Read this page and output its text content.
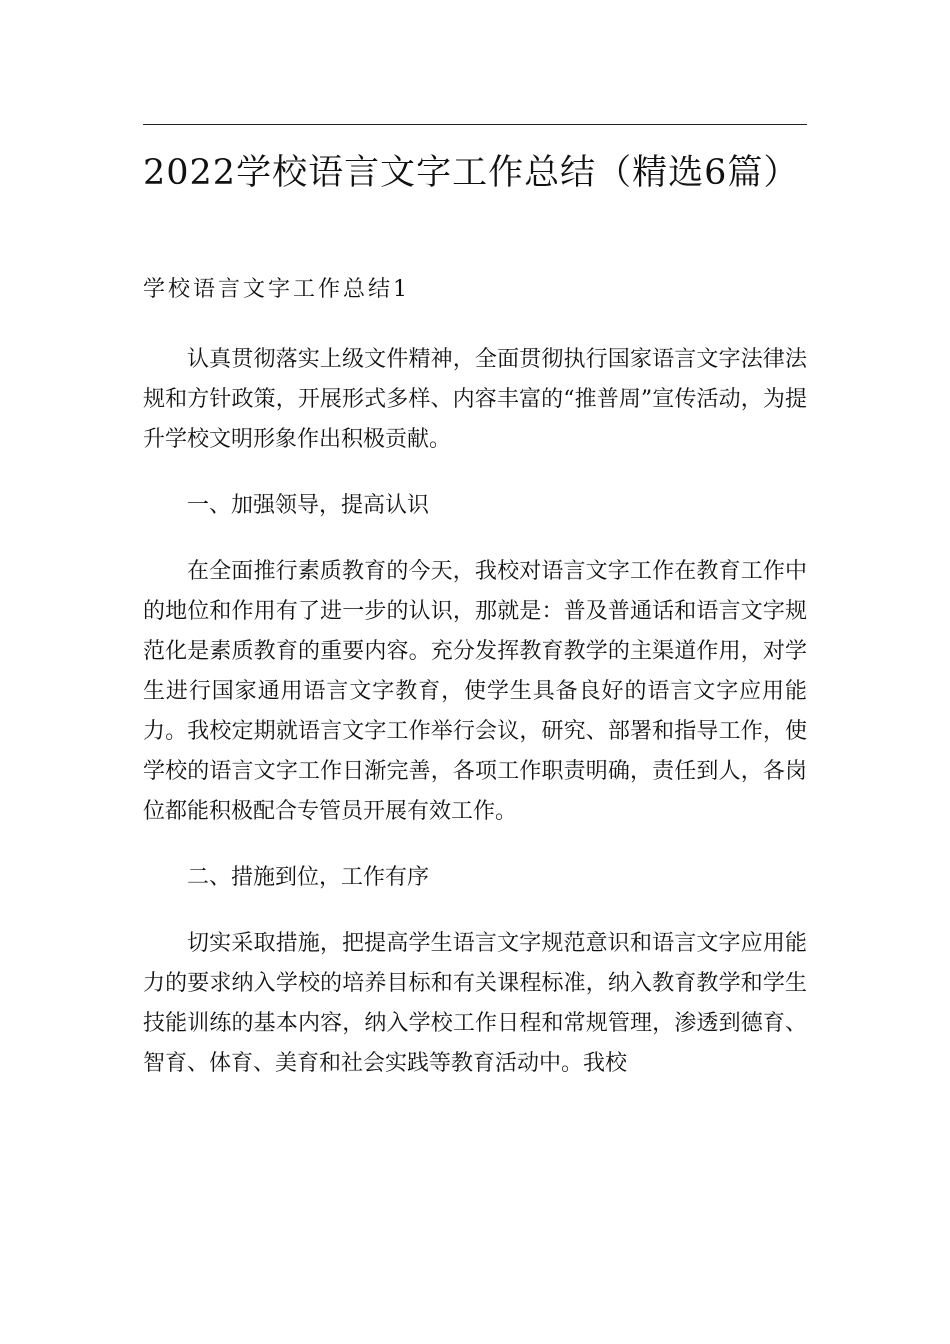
2022学校语言文字工作总结（精选6篇）
学校语言文字工作总结1

认真贯彻落实上级文件精神，全面贯彻执行国家语言文字法律法规和方针政策，开展形式多样、内容丰富的“推普周”宣传活动，为提升学校文明形象作出积极贡献。

一、加强领导，提高认识

在全面推行素质教育的今天，我校对语言文字工作在教育工作中的地位和作用有了进一步的认识，那就是：普及普通话和语言文字规范化是素质教育的重要内容。充分发挥教育教学的主渠道作用，对学生进行国家通用语言文字教育，使学生具备良好的语言文字应用能力。我校定期就语言文字工作举行会议，研究、部署和指导工作，使学校的语言文字工作日渐完善，各项工作职责明确，责任到人，各岗位都能积极配合专管员开展有效工作。

二、措施到位，工作有序

切实采取措施，把提高学生语言文字规范意识和语言文字应用能力的要求纳入学校的培养目标和有关课程标准，纳入教育教学和学生技能训练的基本内容，纳入学校工作日程和常规管理，渗透到德育、智育、体育、美育和社会实践等教育活动中。我校
